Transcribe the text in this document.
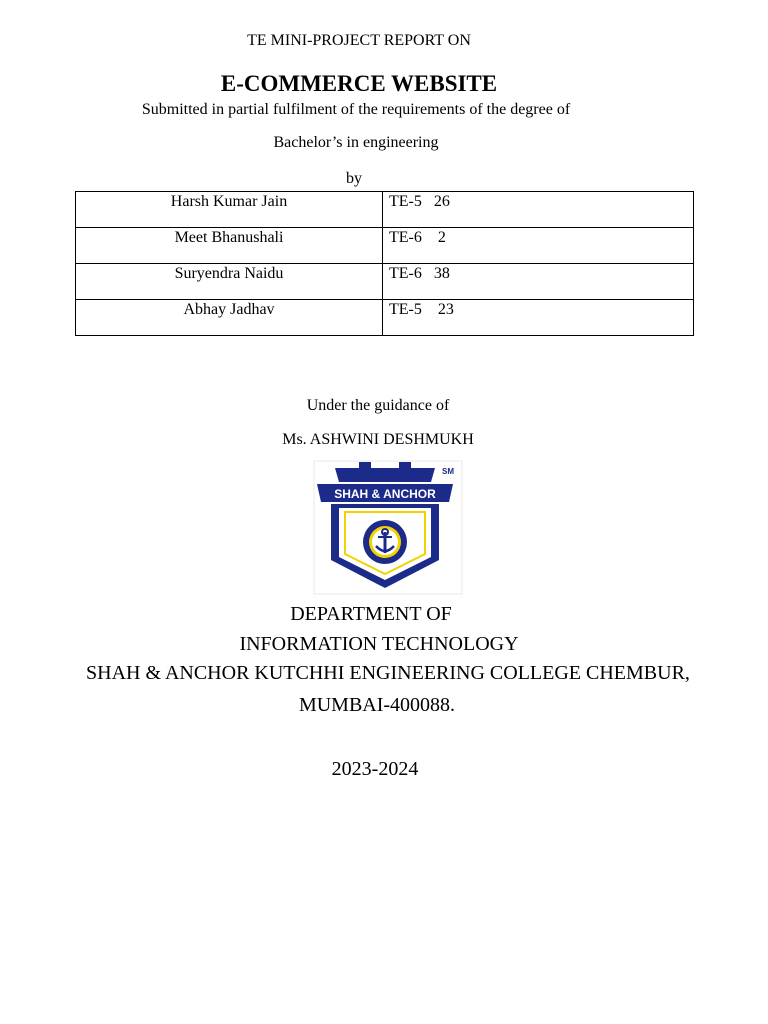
TE MINI-PROJECT REPORT ON
E-COMMERCE WEBSITE
Submitted in partial fulfilment of the requirements of the degree of
Bachelor’s in engineering
by
Harsh Kumar Jain	TE-5   26
Meet Bhanushali	TE-6    2
Suryendra Naidu	TE-6   38
Abhay Jadhav	TE-5    23
Under the guidance of
Ms. ASHWINI DESHMUKH
SHAH & ANCHOR
SM
DEPARTMENT OF
INFORMATION TECHNOLOGY
SHAH & ANCHOR KUTCHHI ENGINEERING COLLEGE CHEMBUR,
MUMBAI-400088.
2023-2024
